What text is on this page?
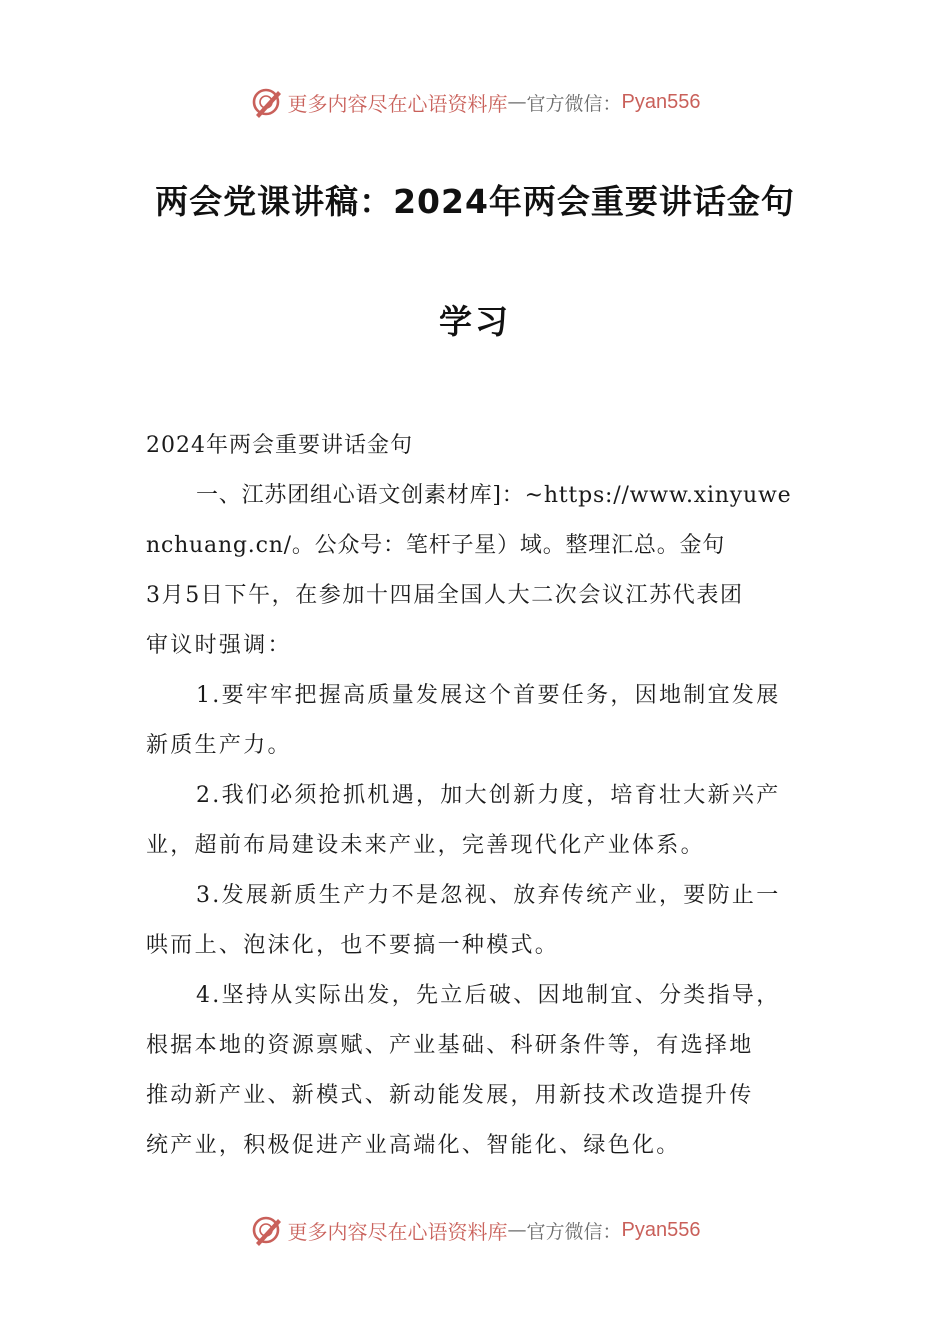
更多内容尽在心语资料库 — 官方微信： Pyan556
两会党课讲稿：2024年两会重要讲话金句
学习
2024年两会重要讲话金句
一、江苏团组心语文创素材库]：~https://www.xinyuwe
nchuang.cn/。公众号：笔杆子星）域。整理汇总。金句
3月5日下午，在参加十四届全国人大二次会议江苏代表团
审议时强调：
1.要牢牢把握高质量发展这个首要任务，因地制宜发展
新质生产力。
2.我们必须抢抓机遇，加大创新力度，培育壮大新兴产
业，超前布局建设未来产业，完善现代化产业体系。
3.发展新质生产力不是忽视、放弃传统产业，要防止一
哄而上、泡沫化，也不要搞一种模式。
4.坚持从实际出发，先立后破、因地制宜、分类指导，
根据本地的资源禀赋、产业基础、科研条件等，有选择地
推动新产业、新模式、新动能发展，用新技术改造提升传
统产业，积极促进产业高端化、智能化、绿色化。
更多内容尽在心语资料库 — 官方微信： Pyan556
